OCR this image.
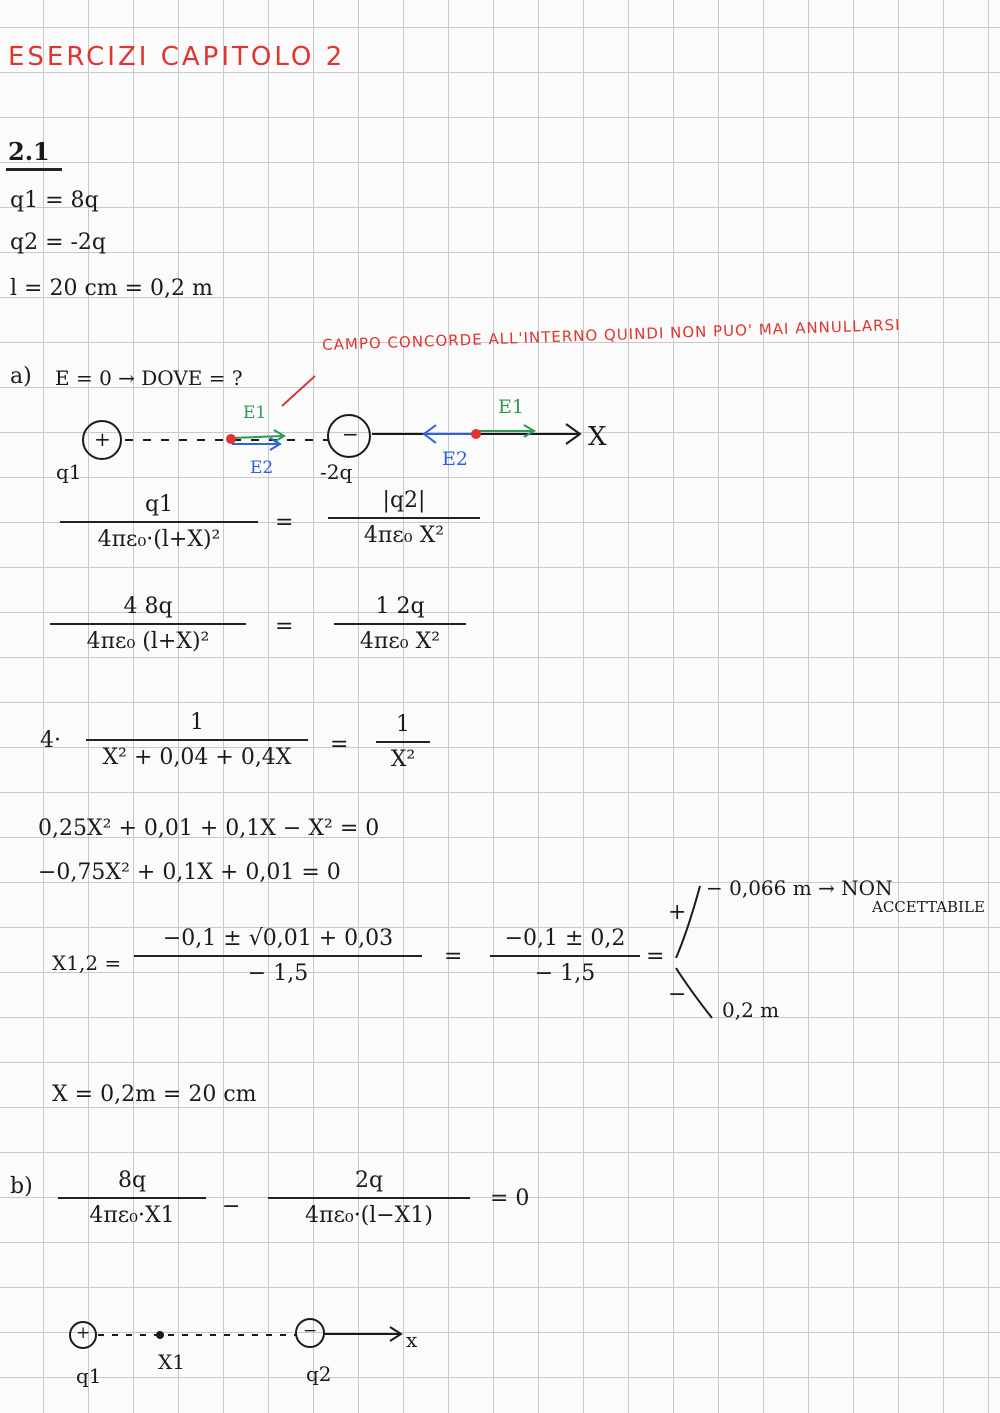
ESERCIZI CAPITOLO 2
2.1
q1 = 8q
q2 = -2q
l = 20 cm = 0,2 m
a) E = 0 → DOVE = ?
CAMPO CONCORDE ALL'INTERNO QUINDI NON PUO' MAI ANNULLARSI
+	−
q1	-2q
X
E1
E2
E1
E2
q1
4πε₀·(l+X)²
=
|q2|
4πε₀ X²
4 8q
4πε₀ (l+X)²
=
1 2q
4πε₀ X²
4·
1
X² + 0,04 + 0,4X
=
1
X²
0,25X² + 0,01 + 0,1X − X² = 0
−0,75X² + 0,1X + 0,01 = 0
X1,2 =
−0,1 ± √0,01 + 0,03
− 1,5
=
−0,1 ± 0,2
− 1,5
=
+
−
− 0,066 m → NON
ACCETTABILE
0,2 m
X = 0,2m = 20 cm
b)	8q
4πε₀·X1	−
2q
4πε₀·(l−X1)
= 0
+	−
q1
X1	q2
x
